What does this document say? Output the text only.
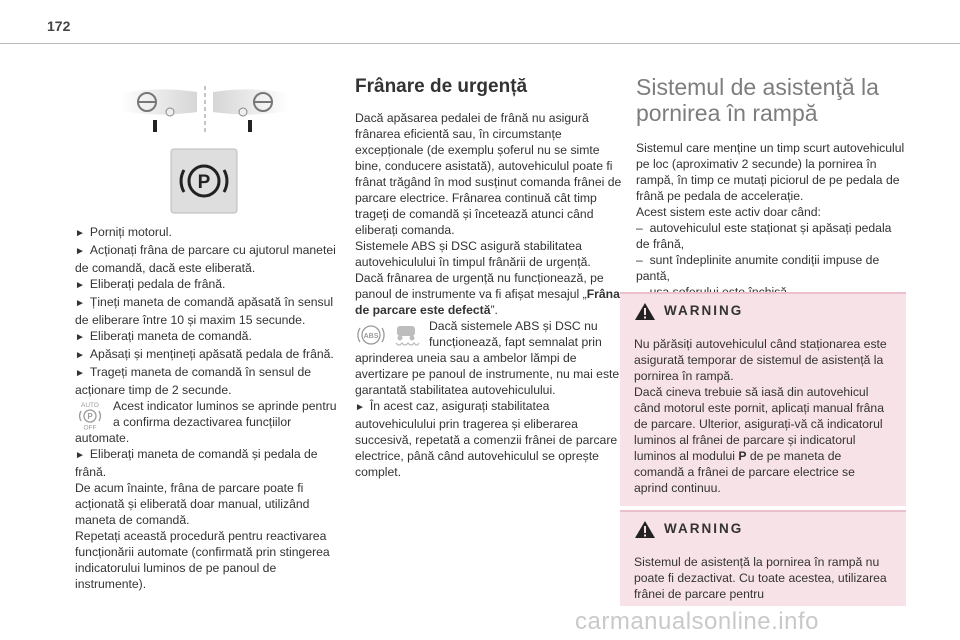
172
P
► Porniți motorul.
► Acționați frâna de parcare cu ajutorul manetei de comandă, dacă este eliberată.
► Eliberați pedala de frână.
► Țineți maneta de comandă apăsată în sensul de eliberare între 10 și maxim 15 secunde.
► Eliberați maneta de comandă.
► Apăsați și mențineți apăsată pedala de frână.
► Trageți maneta de comandă în sensul de acționare timp de 2 secunde.
AUTO
P
OFF
Acest indicator luminos se aprinde pentru a confirma dezactivarea funcțiilor automate.
► Eliberați maneta de comandă și pedala de frână.
De acum înainte, frâna de parcare poate fi acționată și eliberată doar manual, utilizând maneta de comandă.
Repetați această procedură pentru reactivarea funcționării automate (confirmată prin stingerea indicatorului luminos de pe panoul de instrumente).
Frânare de urgență
Dacă apăsarea pedalei de frână nu asigură frânarea eficientă sau, în circumstanțe excepționale (de exemplu șoferul nu se simte bine, conducere asistată), autovehiculul poate fi frânat trăgând în mod susținut comanda frânei de parcare electrice. Frânarea continuă cât timp trageți de comandă și încetează atunci când eliberați comanda.
Sistemele ABS și DSC asigură stabilitatea autovehiculului în timpul frânării de urgență.
Dacă frânarea de urgență nu funcționează, pe panoul de instrumente va fi afișat mesajul „Frâna de parcare este defectă”.
ABS
Dacă sistemele ABS și DSC nu funcționează, fapt semnalat prin aprinderea uneia sau a ambelor lămpi de avertizare pe panoul de instrumente, nu mai este garantată stabilitatea autovehiculului.
► În acest caz, asigurați stabilitatea autovehiculului prin tragerea și eliberarea succesivă, repetată a comenzii frânei de parcare electrice, până când autovehiculul se oprește complet.
Sistemul de asistenţă la
pornirea în rampă
Sistemul care menține un timp scurt autovehiculul pe loc (aproximativ 2 secunde) la pornirea în rampă, în timp ce mutați piciorul de pe pedala de frână pe pedala de accelerație.
Acest sistem este activ doar când:
–  autovehiculul este staționat și apăsați pedala de frână,
–  sunt îndeplinite anumite condiții impuse de pantă,
WARNING
Nu părăsiți autovehiculul când staționarea este asigurată temporar de sistemul de asistență la pornirea în rampă.
Dacă cineva trebuie să iasă din autovehicul când motorul este pornit, aplicați manual frâna de parcare. Ulterior, asigurați-vă că indicatorul luminos al frânei de parcare și indicatorul luminos al modului P de pe maneta de comandă a frânei de parcare electrice se aprind continuu.
WARNING
Sistemul de asistență la pornirea în rampă nu poate fi dezactivat. Cu toate acestea, utilizarea frânei de parcare pentru
carmanualsonline.info
